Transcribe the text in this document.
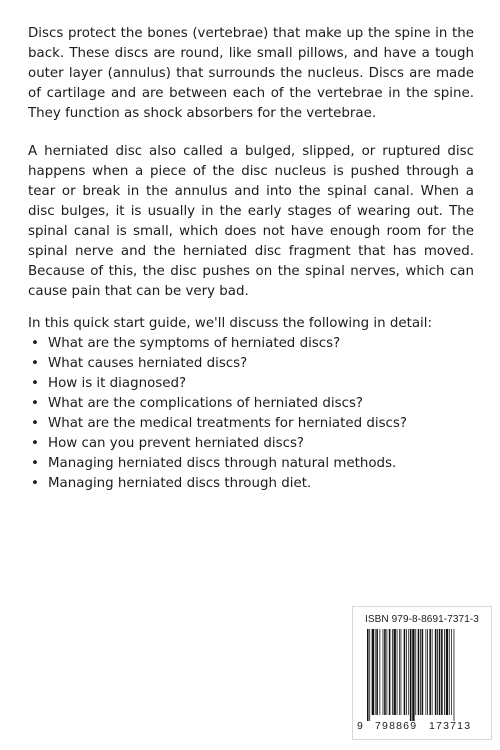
Discs protect the bones (vertebrae) that make up the spine in the back. These discs are round, like small pillows, and have a tough outer layer (annulus) that surrounds the nucleus. Discs are made of cartilage and are between each of the vertebrae in the spine. They function as shock absorbers for the vertebrae.

A herniated disc also called a bulged, slipped, or ruptured disc happens when a piece of the disc nucleus is pushed through a tear or break in the annulus and into the spinal canal. When a disc bulges, it is usually in the early stages of wearing out. The spinal canal is small, which does not have enough room for the spinal nerve and the herniated disc fragment that has moved. Because of this, the disc pushes on the spinal nerves, which can cause pain that can be very bad.

In this quick start guide, we'll discuss the following in detail:

• What are the symptoms of herniated discs?
• What causes herniated discs?
• How is it diagnosed?
• What are the complications of herniated discs?
• What are the medical treatments for herniated discs?
• How can you prevent herniated discs?
• Managing herniated discs through natural methods.
• Managing herniated discs through diet.
ISBN 979-8-8691-7371-3
9 798869 173713
